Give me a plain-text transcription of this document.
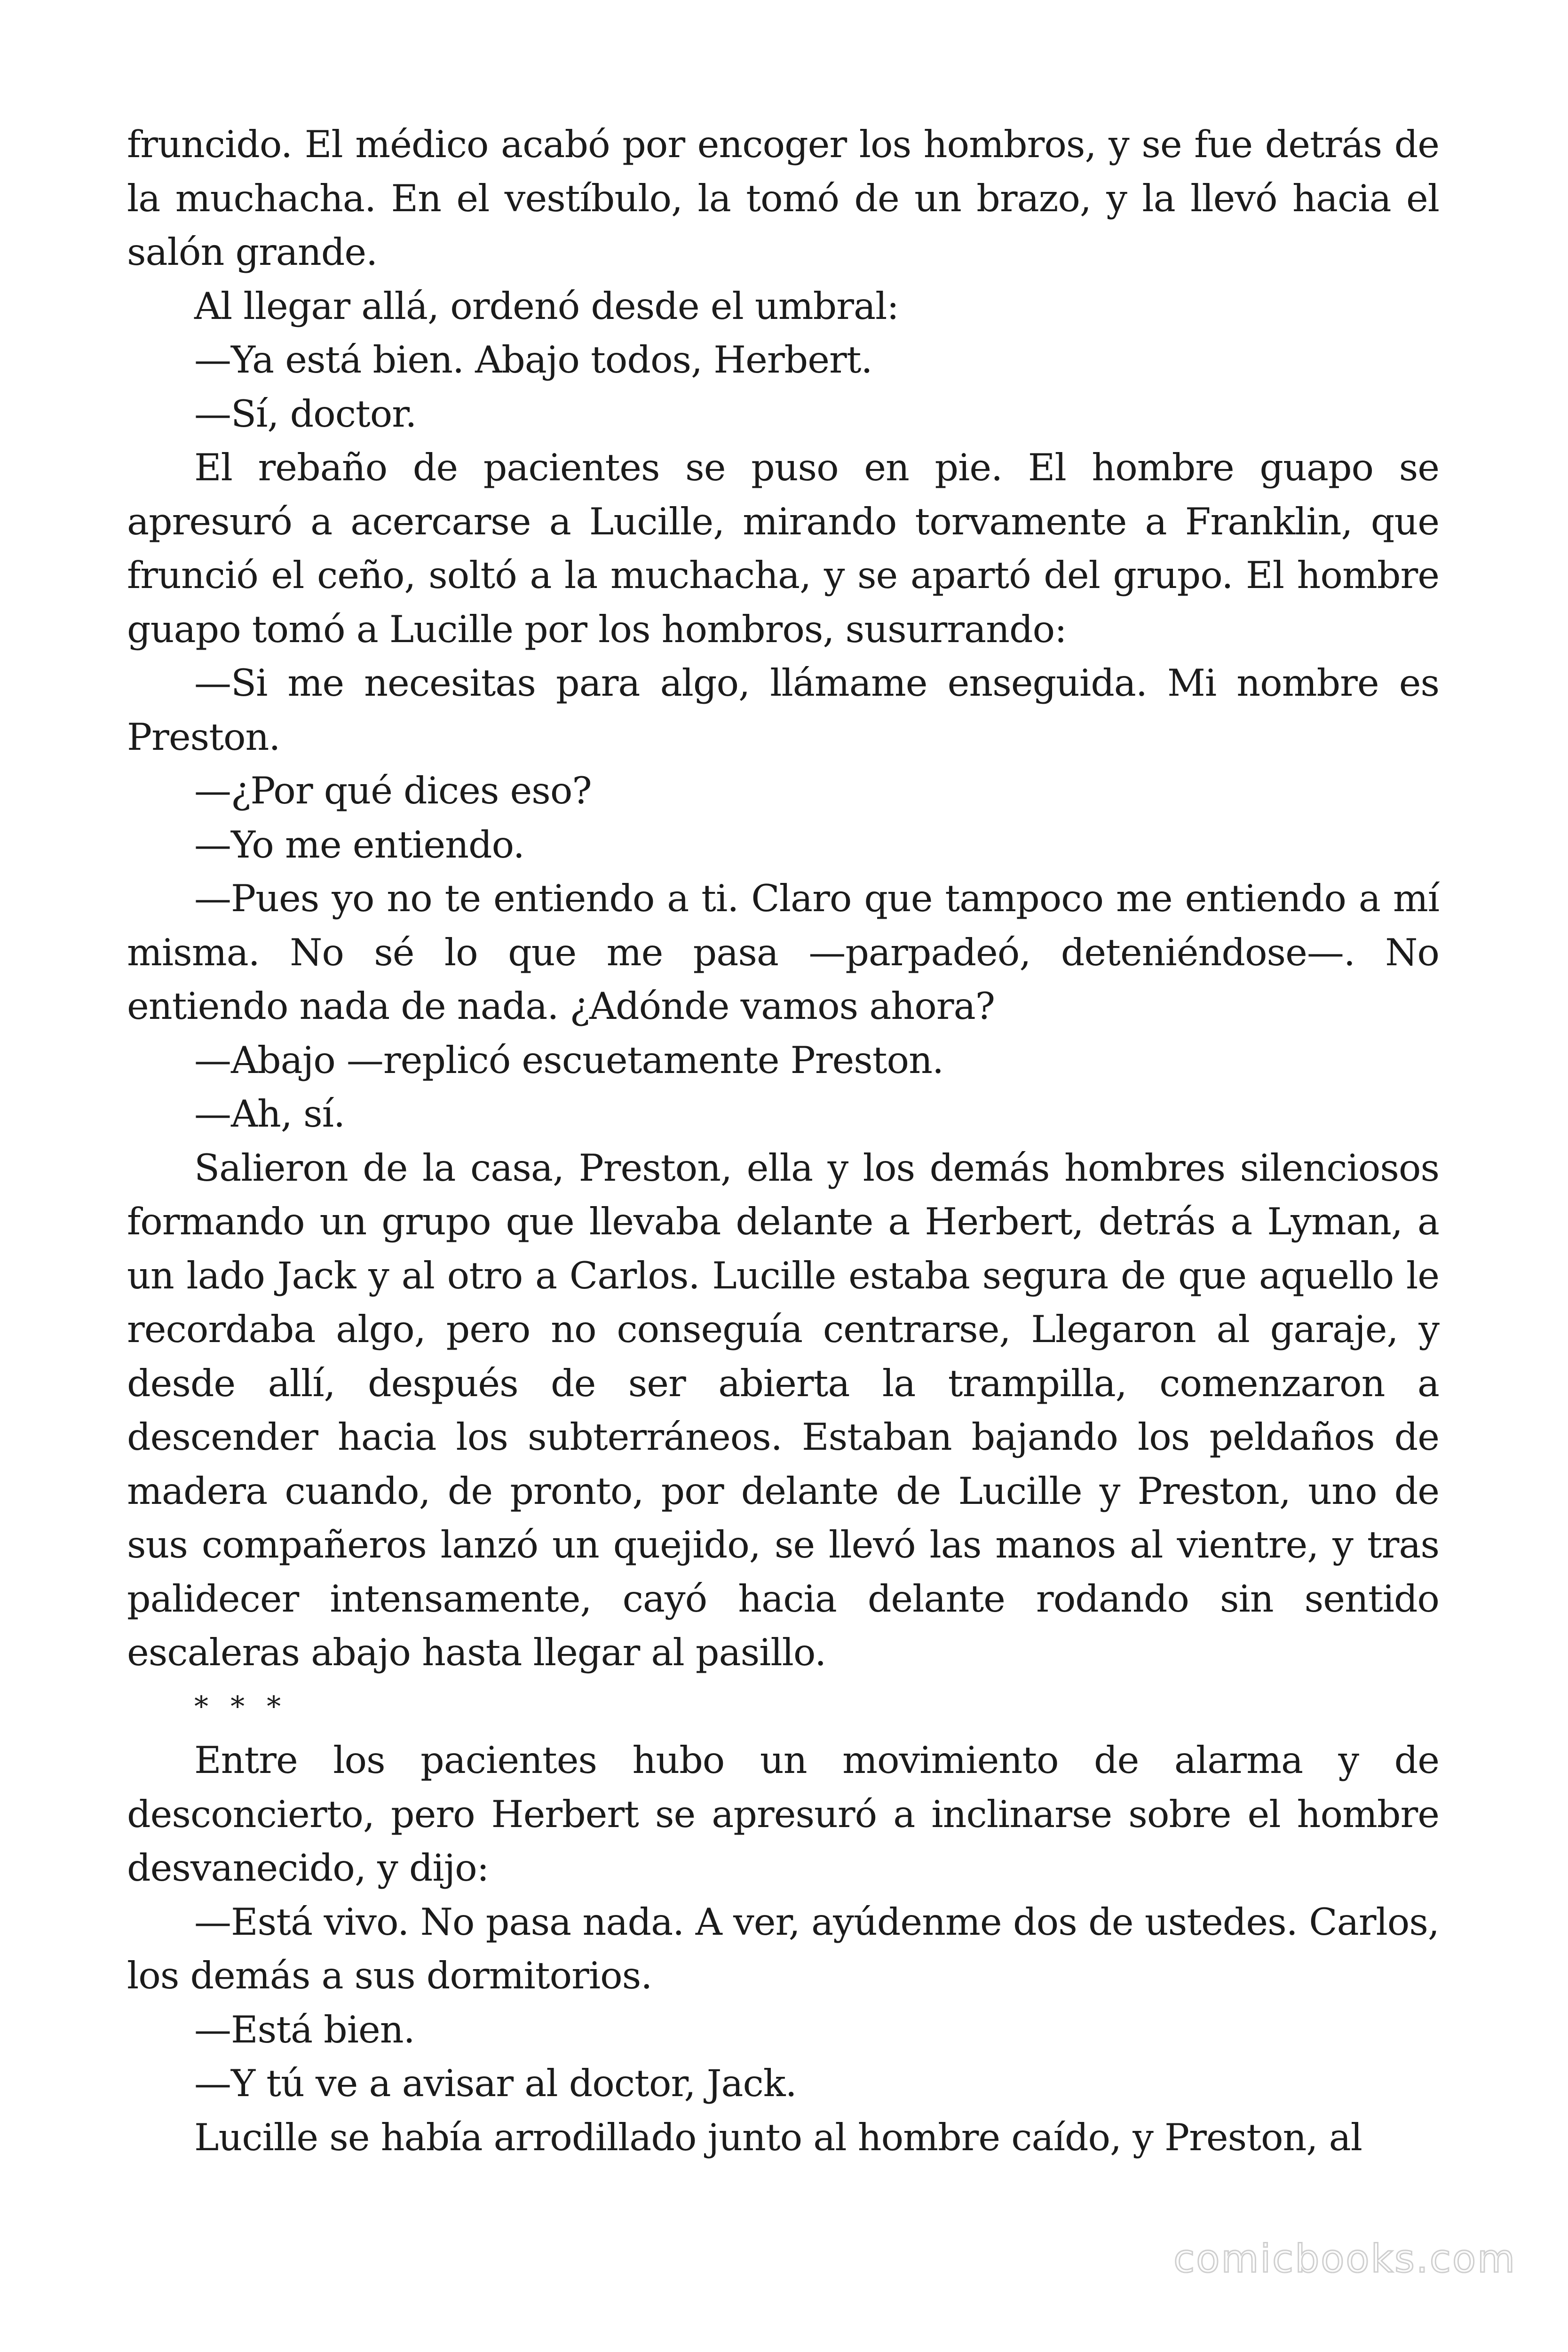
fruncido. El médico acabó por encoger los hombros, y se fue detrás de la muchacha. En el vestíbulo, la tomó de un brazo, y la llevó hacia el salón grande.

Al llegar allá, ordenó desde el umbral:

—Ya está bien. Abajo todos, Herbert.

—Sí, doctor.

El rebaño de pacientes se puso en pie. El hombre guapo se apresuró a acercarse a Lucille, mirando torvamente a Franklin, que frunció el ceño, soltó a la muchacha, y se apartó del grupo. El hombre guapo tomó a Lucille por los hombros, susurrando:

—Si me necesitas para algo, llámame enseguida. Mi nombre es Preston.

—¿Por qué dices eso?

—Yo me entiendo.

—Pues yo no te entiendo a ti. Claro que tampoco me entiendo a mí misma. No sé lo que me pasa —parpadeó, deteniéndose—. No entiendo nada de nada. ¿Adónde vamos ahora?

—Abajo —replicó escuetamente Preston.

—Ah, sí.

Salieron de la casa, Preston, ella y los demás hombres silenciosos formando un grupo que llevaba delante a Herbert, detrás a Lyman, a un lado Jack y al otro a Carlos. Lucille estaba segura de que aquello le recordaba algo, pero no conseguía centrarse, Llegaron al garaje, y desde allí, después de ser abierta la trampilla, comenzaron a descender hacia los subterráneos. Estaban bajando los peldaños de madera cuando, de pronto, por delante de Lucille y Preston, uno de sus compañeros lanzó un quejido, se llevó las manos al vientre, y tras palidecer intensamente, cayó hacia delante rodando sin sentido escaleras abajo hasta llegar al pasillo.

* * *

Entre los pacientes hubo un movimiento de alarma y de desconcierto, pero Herbert se apresuró a inclinarse sobre el hombre desvanecido, y dijo:

—Está vivo. No pasa nada. A ver, ayúdenme dos de ustedes. Carlos, los demás a sus dormitorios.

—Está bien.

—Y tú ve a avisar al doctor, Jack.

Lucille se había arrodillado junto al hombre caído, y Preston, al

comicbooks.com
